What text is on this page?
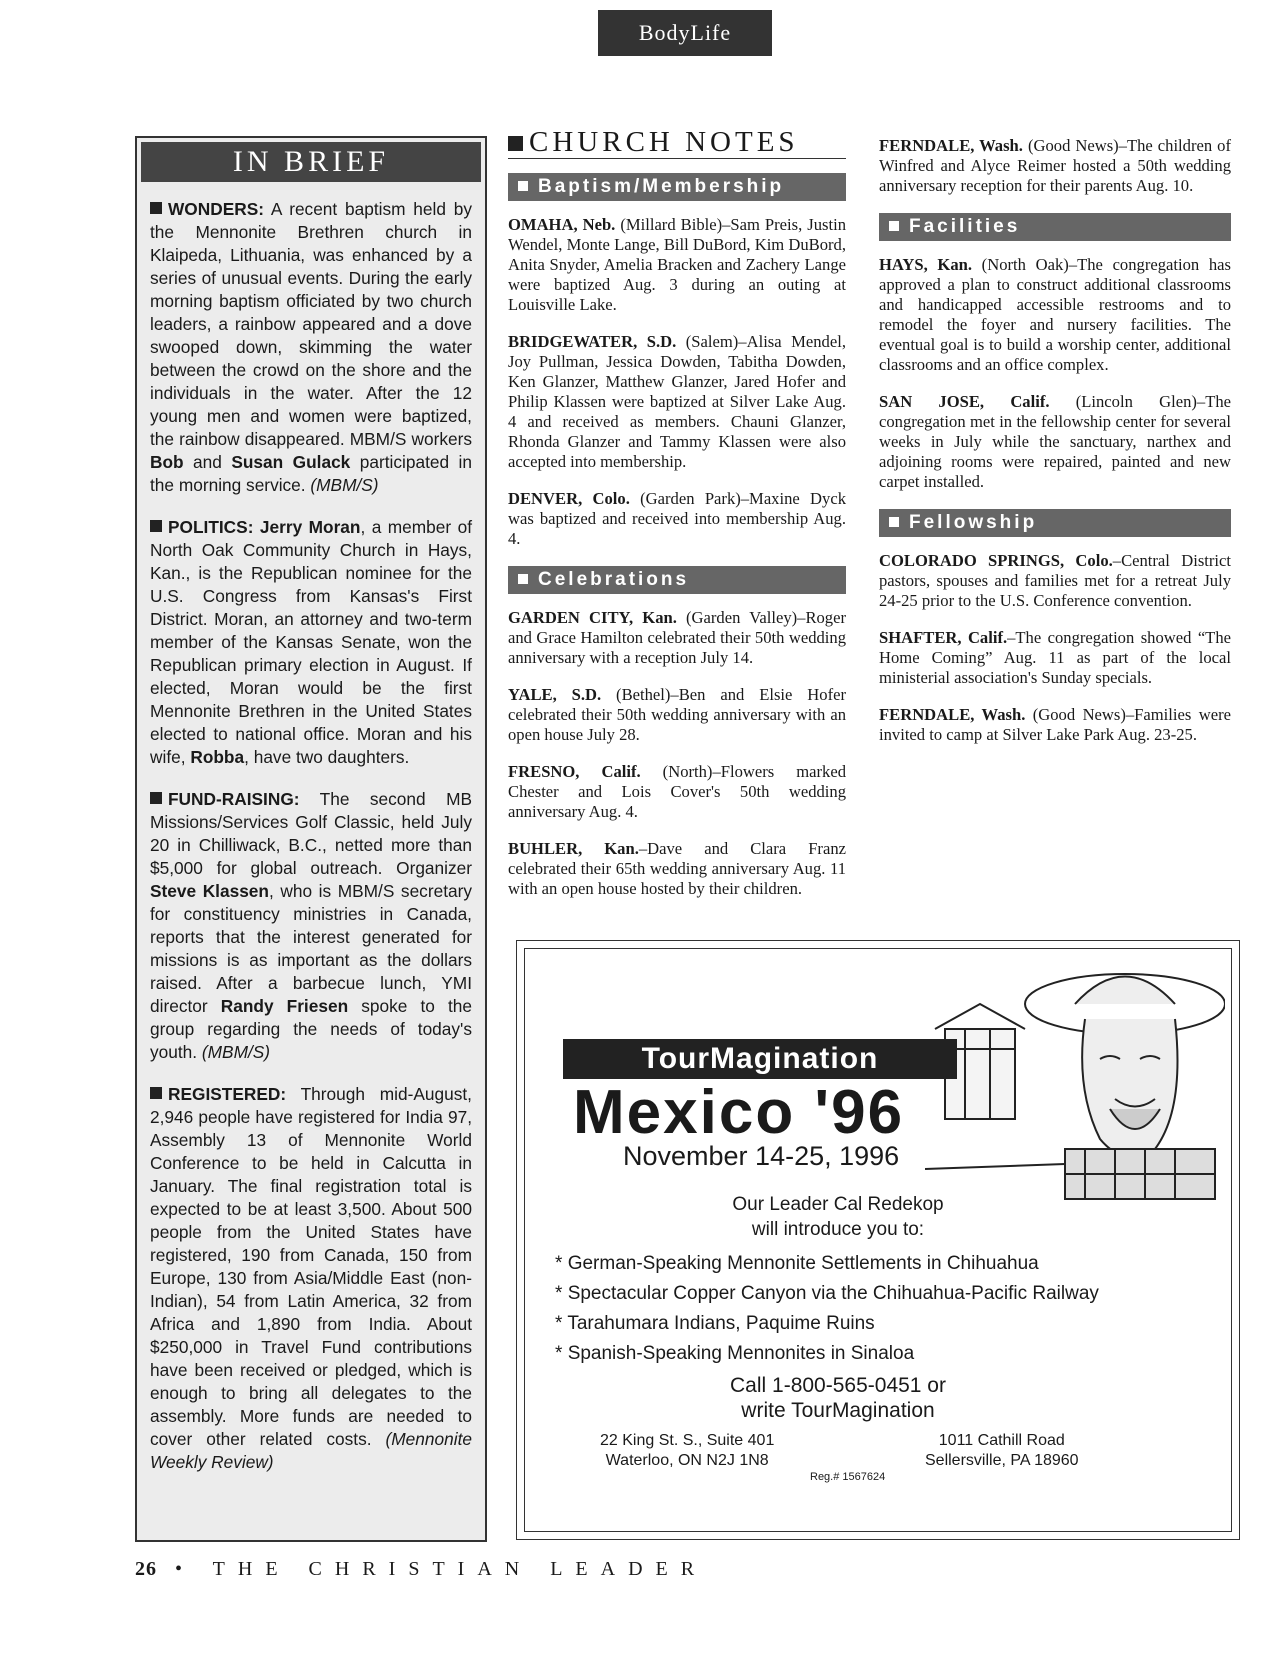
BodyLife
IN BRIEF

WONDERS: A recent baptism held by the Mennonite Brethren church in Klaipeda, Lithuania, was enhanced by a series of unusual events. During the early morning baptism officiated by two church leaders, a rainbow appeared and a dove swooped down, skimming the water between the crowd on the shore and the individuals in the water. After the 12 young men and women were baptized, the rainbow disappeared. MBM/S workers Bob and Susan Gulack participated in the morning service. (MBM/S)

POLITICS: Jerry Moran, a member of North Oak Community Church in Hays, Kan., is the Republican nominee for the U.S. Congress from Kansas's First District. Moran, an attorney and two-term member of the Kansas Senate, won the Republican primary election in August. If elected, Moran would be the first Mennonite Brethren in the United States elected to national office. Moran and his wife, Robba, have two daughters.

FUND-RAISING: The second MB Missions/Services Golf Classic, held July 20 in Chilliwack, B.C., netted more than $5,000 for global outreach. Organizer Steve Klassen, who is MBM/S secretary for constituency ministries in Canada, reports that the interest generated for missions is as important as the dollars raised. After a barbecue lunch, YMI director Randy Friesen spoke to the group regarding the needs of today's youth. (MBM/S)

REGISTERED: Through mid-August, 2,946 people have registered for India 97, Assembly 13 of Mennonite World Conference to be held in Calcutta in January. The final registration total is expected to be at least 3,500. About 500 people from the United States have registered, 190 from Canada, 150 from Europe, 130 from Asia/Middle East (non-Indian), 54 from Latin America, 32 from Africa and 1,890 from India. About $250,000 in Travel Fund contributions have been received or pledged, which is enough to bring all delegates to the assembly. More funds are needed to cover other related costs. (Mennonite Weekly Review)

CHURCH NOTES
Baptism/Membership

OMAHA, Neb. (Millard Bible)–Sam Preis, Justin Wendel, Monte Lange, Bill DuBord, Kim DuBord, Anita Snyder, Amelia Bracken and Zachery Lange were baptized Aug. 3 during an outing at Louisville Lake.

BRIDGEWATER, S.D. (Salem)–Alisa Mendel, Joy Pullman, Jessica Dowden, Tabitha Dowden, Ken Glanzer, Matthew Glanzer, Jared Hofer and Philip Klassen were baptized at Silver Lake Aug. 4 and received as members. Chauni Glanzer, Rhonda Glanzer and Tammy Klassen were also accepted into membership.

DENVER, Colo. (Garden Park)–Maxine Dyck was baptized and received into membership Aug. 4.

Celebrations

GARDEN CITY, Kan. (Garden Valley)–Roger and Grace Hamilton celebrated their 50th wedding anniversary with a reception July 14.

YALE, S.D. (Bethel)–Ben and Elsie Hofer celebrated their 50th wedding anniversary with an open house July 28.

FRESNO, Calif. (North)–Flowers marked Chester and Lois Cover's 50th wedding anniversary Aug. 4.

BUHLER, Kan.–Dave and Clara Franz celebrated their 65th wedding anniversary Aug. 11 with an open house hosted by their children.

FERNDALE, Wash. (Good News)–The children of Winfred and Alyce Reimer hosted a 50th wedding anniversary reception for their parents Aug. 10.

Facilities

HAYS, Kan. (North Oak)–The congregation has approved a plan to construct additional classrooms and handicapped accessible restrooms and to remodel the foyer and nursery facilities. The eventual goal is to build a worship center, additional classrooms and an office complex.

SAN JOSE, Calif. (Lincoln Glen)–The congregation met in the fellowship center for several weeks in July while the sanctuary, narthex and adjoining rooms were repaired, painted and new carpet installed.

Fellowship

COLORADO SPRINGS, Colo.–Central District pastors, spouses and families met for a retreat July 24-25 prior to the U.S. Conference convention.

SHAFTER, Calif.–The congregation showed “The Home Coming” Aug. 11 as part of the local ministerial association's Sunday specials.

FERNDALE, Wash. (Good News)–Families were invited to camp at Silver Lake Park Aug. 23-25.

TourMagination
Mexico '96
November 14-25, 1996
Our Leader Cal Redekop
will introduce you to:
* German-Speaking Mennonite Settlements in Chihuahua
* Spectacular Copper Canyon via the Chihuahua-Pacific Railway
* Tarahumara Indians, Paquime Ruins
* Spanish-Speaking Mennonites in Sinaloa
Call 1-800-565-0451 or
write TourMagination
22 King St. S., Suite 401
Waterloo, ON N2J 1N8
1011 Cathill Road
Sellersville, PA 18960
Reg.# 1567624
26 • THE CHRISTIAN LEADER
